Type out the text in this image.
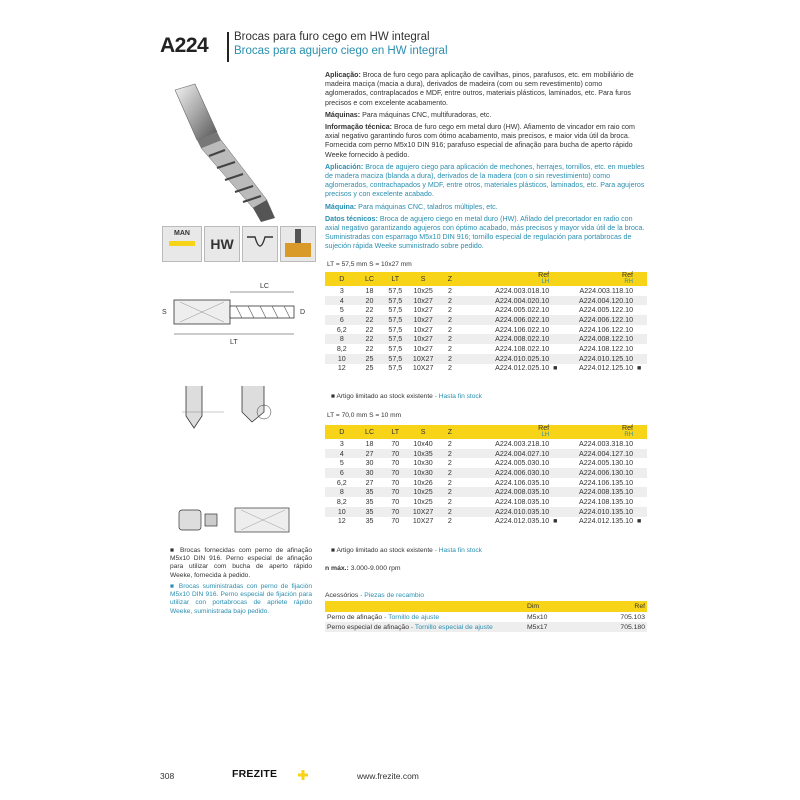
A224 Brocas para furo cego em HW integral
Brocas para agujero ciego en HW integral
MAN
HW
LC
S	D
LT

Aplicação: Broca de furo cego para aplicação de cavilhas, pinos, parafusos, etc. em mobiliário de madeira maciça (macia a dura), derivados de madeira (com ou sem revestimento) como aglomerados, contraplacados e MDF, entre outros, materiais plásticos, laminados, etc. Para furos precisos e com excelente acabamento.

Máquinas: Para máquinas CNC, multifuradoras, etc.

Informação técnica: Broca de furo cego em metal duro (HW). Afiamento de vincador em raio com axial negativo garantindo furos com ótimo acabamento, mais precisos, e maior vida útil da broca. Fornecida com perno M5x10 DIN 916; parafuso especial de afinação para bucha de aperto rápido Weeke fornecido à pedido.

Aplicación: Broca de agujero ciego para aplicación de mechones, herrajes, tornillos, etc. en muebles de madera maciza (blanda a dura), derivados de la madera (con o sin revestimiento) como aglomerados, contrachapados y MDF, entre otros, materiales plásticos, laminados, etc. Para agujeros precisos y con excelente acabado.

Máquina: Para máquinas CNC, taladros múltiples, etc.

Datos técnicos: Broca de agujero ciego en metal duro (HW). Afilado del precortador en radio con axial negativo garantizando agujeros con óptimo acabado, más precisos y mayor vida útil de la broca. Suministradas con esparrago M5x10 DIN 916; tornillo especial de regulación para portabrocas de sujeción rápida Weeke suministrado sobre pedido.

LT = 57,5 mm S = 10x27 mm
D	LC	LT	S	Z	Ref
LH		Ref
RH	

3	18	57,5	10x25	2	A224.003.018.10		A224.003.118.10	
4	20	57,5	10x27	2	A224.004.020.10		A224.004.120.10	
5	22	57,5	10x27	2	A224.005.022.10		A224.005.122.10	
6	22	57,5	10x27	2	A224.006.022.10		A224.006.122.10	
6,2	22	57,5	10x27	2	A224.106.022.10		A224.106.122.10	
8	22	57,5	10x27	2	A224.008.022.10		A224.008.122.10	
8,2	22	57,5	10x27	2	A224.108.022.10		A224.108.122.10	
10	25	57,5	10X27	2	A224.010.025.10		A224.010.125.10	
12	25	57,5	10X27	2	A224.012.025.10	■	A224.012.125.10	■
■ Artigo limitado ao stock existente - Hasta fin stock
LT = 70,0 mm S = 10 mm
D	LC	LT	S	Z	Ref
LH		Ref
RH	

3	18	70	10x40	2	A224.003.218.10		A224.003.318.10	
4	27	70	10x35	2	A224.004.027.10		A224.004.127.10	
5	30	70	10x30	2	A224.005.030.10		A224.005.130.10	
6	30	70	10x30	2	A224.006.030.10		A224.006.130.10	
6,2	27	70	10x26	2	A224.106.035.10		A224.106.135.10	
8	35	70	10x25	2	A224.008.035.10		A224.008.135.10	
8,2	35	70	10x25	2	A224.108.035.10		A224.108.135.10	
10	35	70	10X27	2	A224.010.035.10		A224.010.135.10	
12	35	70	10X27	2	A224.012.035.10	■	A224.012.135.10	■
■ Artigo limitado ao stock existente - Hasta fin stock
n máx.: 3.000-9.000 rpm
■ Brocas fornecidas com perno de afinação M5x10 DIN 916. Perno especial de afinação para utilizar com bucha de aperto rápido Weeke, fornecida à pedido.
■ Brocas suministradas con perno de fijación M5x10 DIN 916. Perno especial de fijación para utilizar con portabrocas de apriete rápido Weeke, suministrada bajo pedido.
Acessórios - Piezas de recambio
	Dim	Ref
Perno de afinação - Tornillo de ajuste	M5x10	705.103
Perno especial de afinação - Tornillo especial de ajuste	M5x17	705.180
308	FREZITE	www.frezite.com
